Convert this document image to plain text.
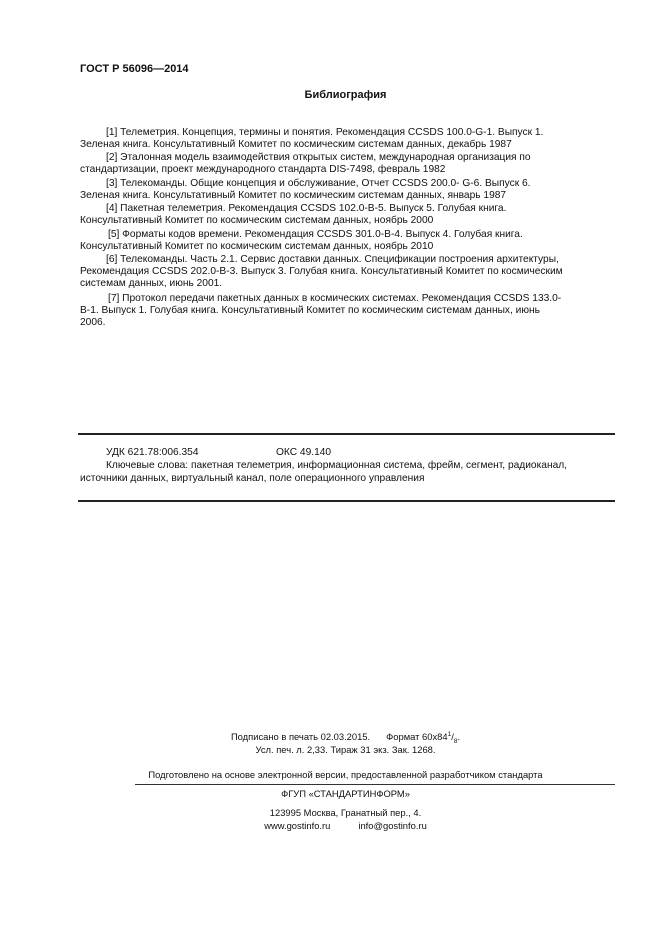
ГОСТ Р 56096—2014
Библиография
[1] Телеметрия. Концепция, термины и понятия. Рекомендация CCSDS 100.0-G-1. Выпуск 1.
Зеленая книга. Консультативный Комитет по космическим системам данных, декабрь 1987
[2] Эталонная модель взаимодействия открытых систем, международная организация по
стандартизации, проект международного стандарта DIS-7498, февраль 1982
[3] Телекоманды. Общие концепция и обслуживание, Отчет CCSDS 200.0- G-6. Выпуск 6.
Зеленая книга. Консультативный Комитет по космическим системам данных, январь 1987
[4] Пакетная телеметрия. Рекомендация CCSDS 102.0-В-5. Выпуск 5. Голубая книга.
Консультативный Комитет по космическим системам данных, ноябрь 2000
[5] Форматы кодов времени. Рекомендация CCSDS 301.0-B-4. Выпуск 4. Голубая книга.
Консультативный Комитет по космическим системам данных, ноябрь 2010
[6] Телекоманды. Часть 2.1. Сервис доставки данных. Спецификации построения архитектуры,
Рекомендация CCSDS 202.0-В-3. Выпуск 3. Голубая книга. Консультативный Комитет по космическим
системам данных, июнь 2001.
[7] Протокол передачи пакетных данных в космических системах. Рекомендация CCSDS 133.0-
B-1. Выпуск 1. Голубая книга. Консультативный Комитет по космическим системам данных, июнь
2006.
УДК 621.78:006.354	ОКС 49.140
Ключевые слова: пакетная телеметрия, информационная система, фрейм, сегмент, радиоканал,
источники данных, виртуальный канал, поле операционного управления
Подписано в печать 02.03.2015. Формат $60х84^1/_8$.
Усл. печ. л. 2,33. Тираж 31 экз. Зак. 1268.
Подготовлено на основе электронной версии, предоставленной разработчиком стандарта
ФГУП «СТАНДАРТИНФОРМ»
123995 Москва, Гранатный пер., 4.
www.gostinfo.ru	info@gostinfo.ru
